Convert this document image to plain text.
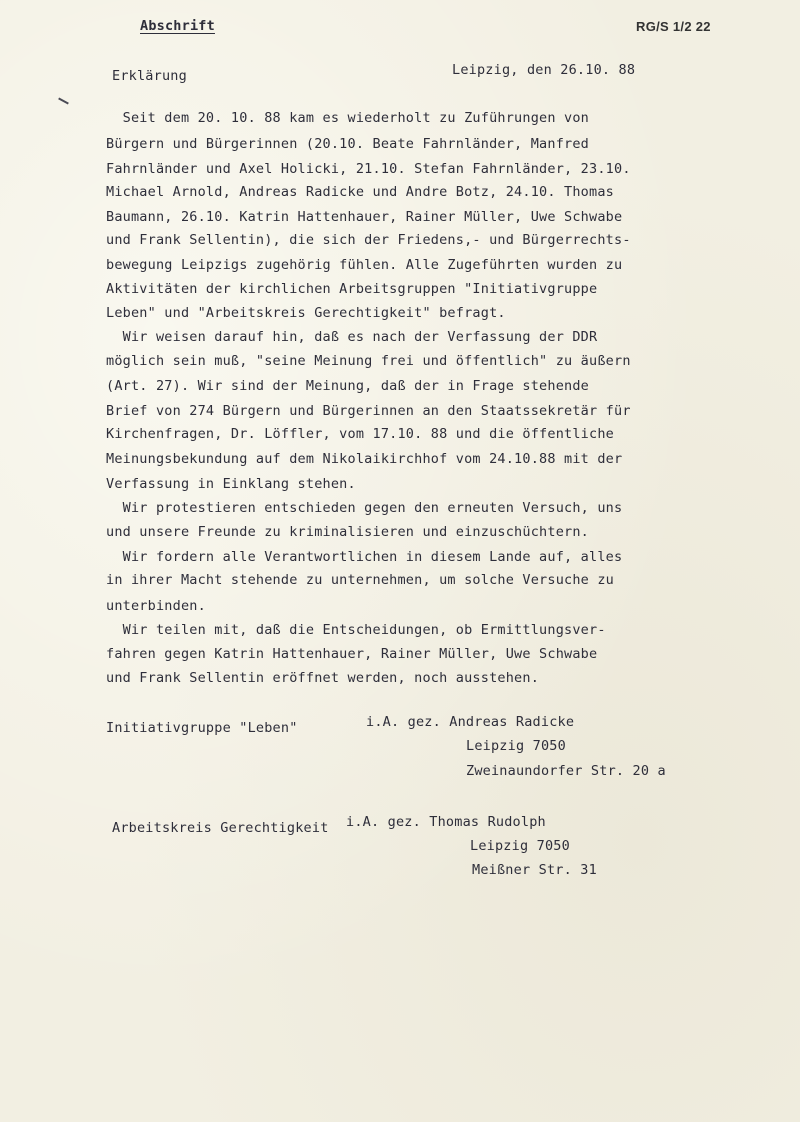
Abschrift	RG/S 1/2 22
Erklärung	Leipzig, den 26.10. 88
Seit dem 20. 10. 88 kam es wiederholt zu Zuführungen von
Bürgern und Bürgerinnen (20.10. Beate Fahrnländer, Manfred
Fahrnländer und Axel Holicki, 21.10. Stefan Fahrnländer, 23.10.
Michael Arnold, Andreas Radicke und Andre Botz, 24.10. Thomas
Baumann, 26.10. Katrin Hattenhauer, Rainer Müller, Uwe Schwabe
und Frank Sellentin), die sich der Friedens,- und Bürgerrechts-
bewegung Leipzigs zugehörig fühlen. Alle Zugeführten wurden zu
Aktivitäten der kirchlichen Arbeitsgruppen "Initiativgruppe
Leben" und "Arbeitskreis Gerechtigkeit" befragt.
Wir weisen darauf hin, daß es nach der Verfassung der DDR
möglich sein muß, "seine Meinung frei und öffentlich" zu äußern
(Art. 27). Wir sind der Meinung, daß der in Frage stehende
Brief von 274 Bürgern und Bürgerinnen an den Staatssekretär für
Kirchenfragen, Dr. Löffler, vom 17.10. 88 und die öffentliche
Meinungsbekundung auf dem Nikolaikirchhof vom 24.10.88 mit der
Verfassung in Einklang stehen.
Wir protestieren entschieden gegen den erneuten Versuch, uns
und unsere Freunde zu kriminalisieren und einzuschüchtern.
Wir fordern alle Verantwortlichen in diesem Lande auf, alles
in ihrer Macht stehende zu unternehmen, um solche Versuche zu
unterbinden.
Wir teilen mit, daß die Entscheidungen, ob Ermittlungsver-
fahren gegen Katrin Hattenhauer, Rainer Müller, Uwe Schwabe
und Frank Sellentin eröffnet werden, noch ausstehen.
Initiativgruppe "Leben"	i.A. gez. Andreas Radicke
Leipzig 7050
Zweinaundorfer Str. 20 a
Arbeitskreis Gerechtigkeit i.A. gez. Thomas Rudolph
Leipzig 7050
Meißner Str. 31
